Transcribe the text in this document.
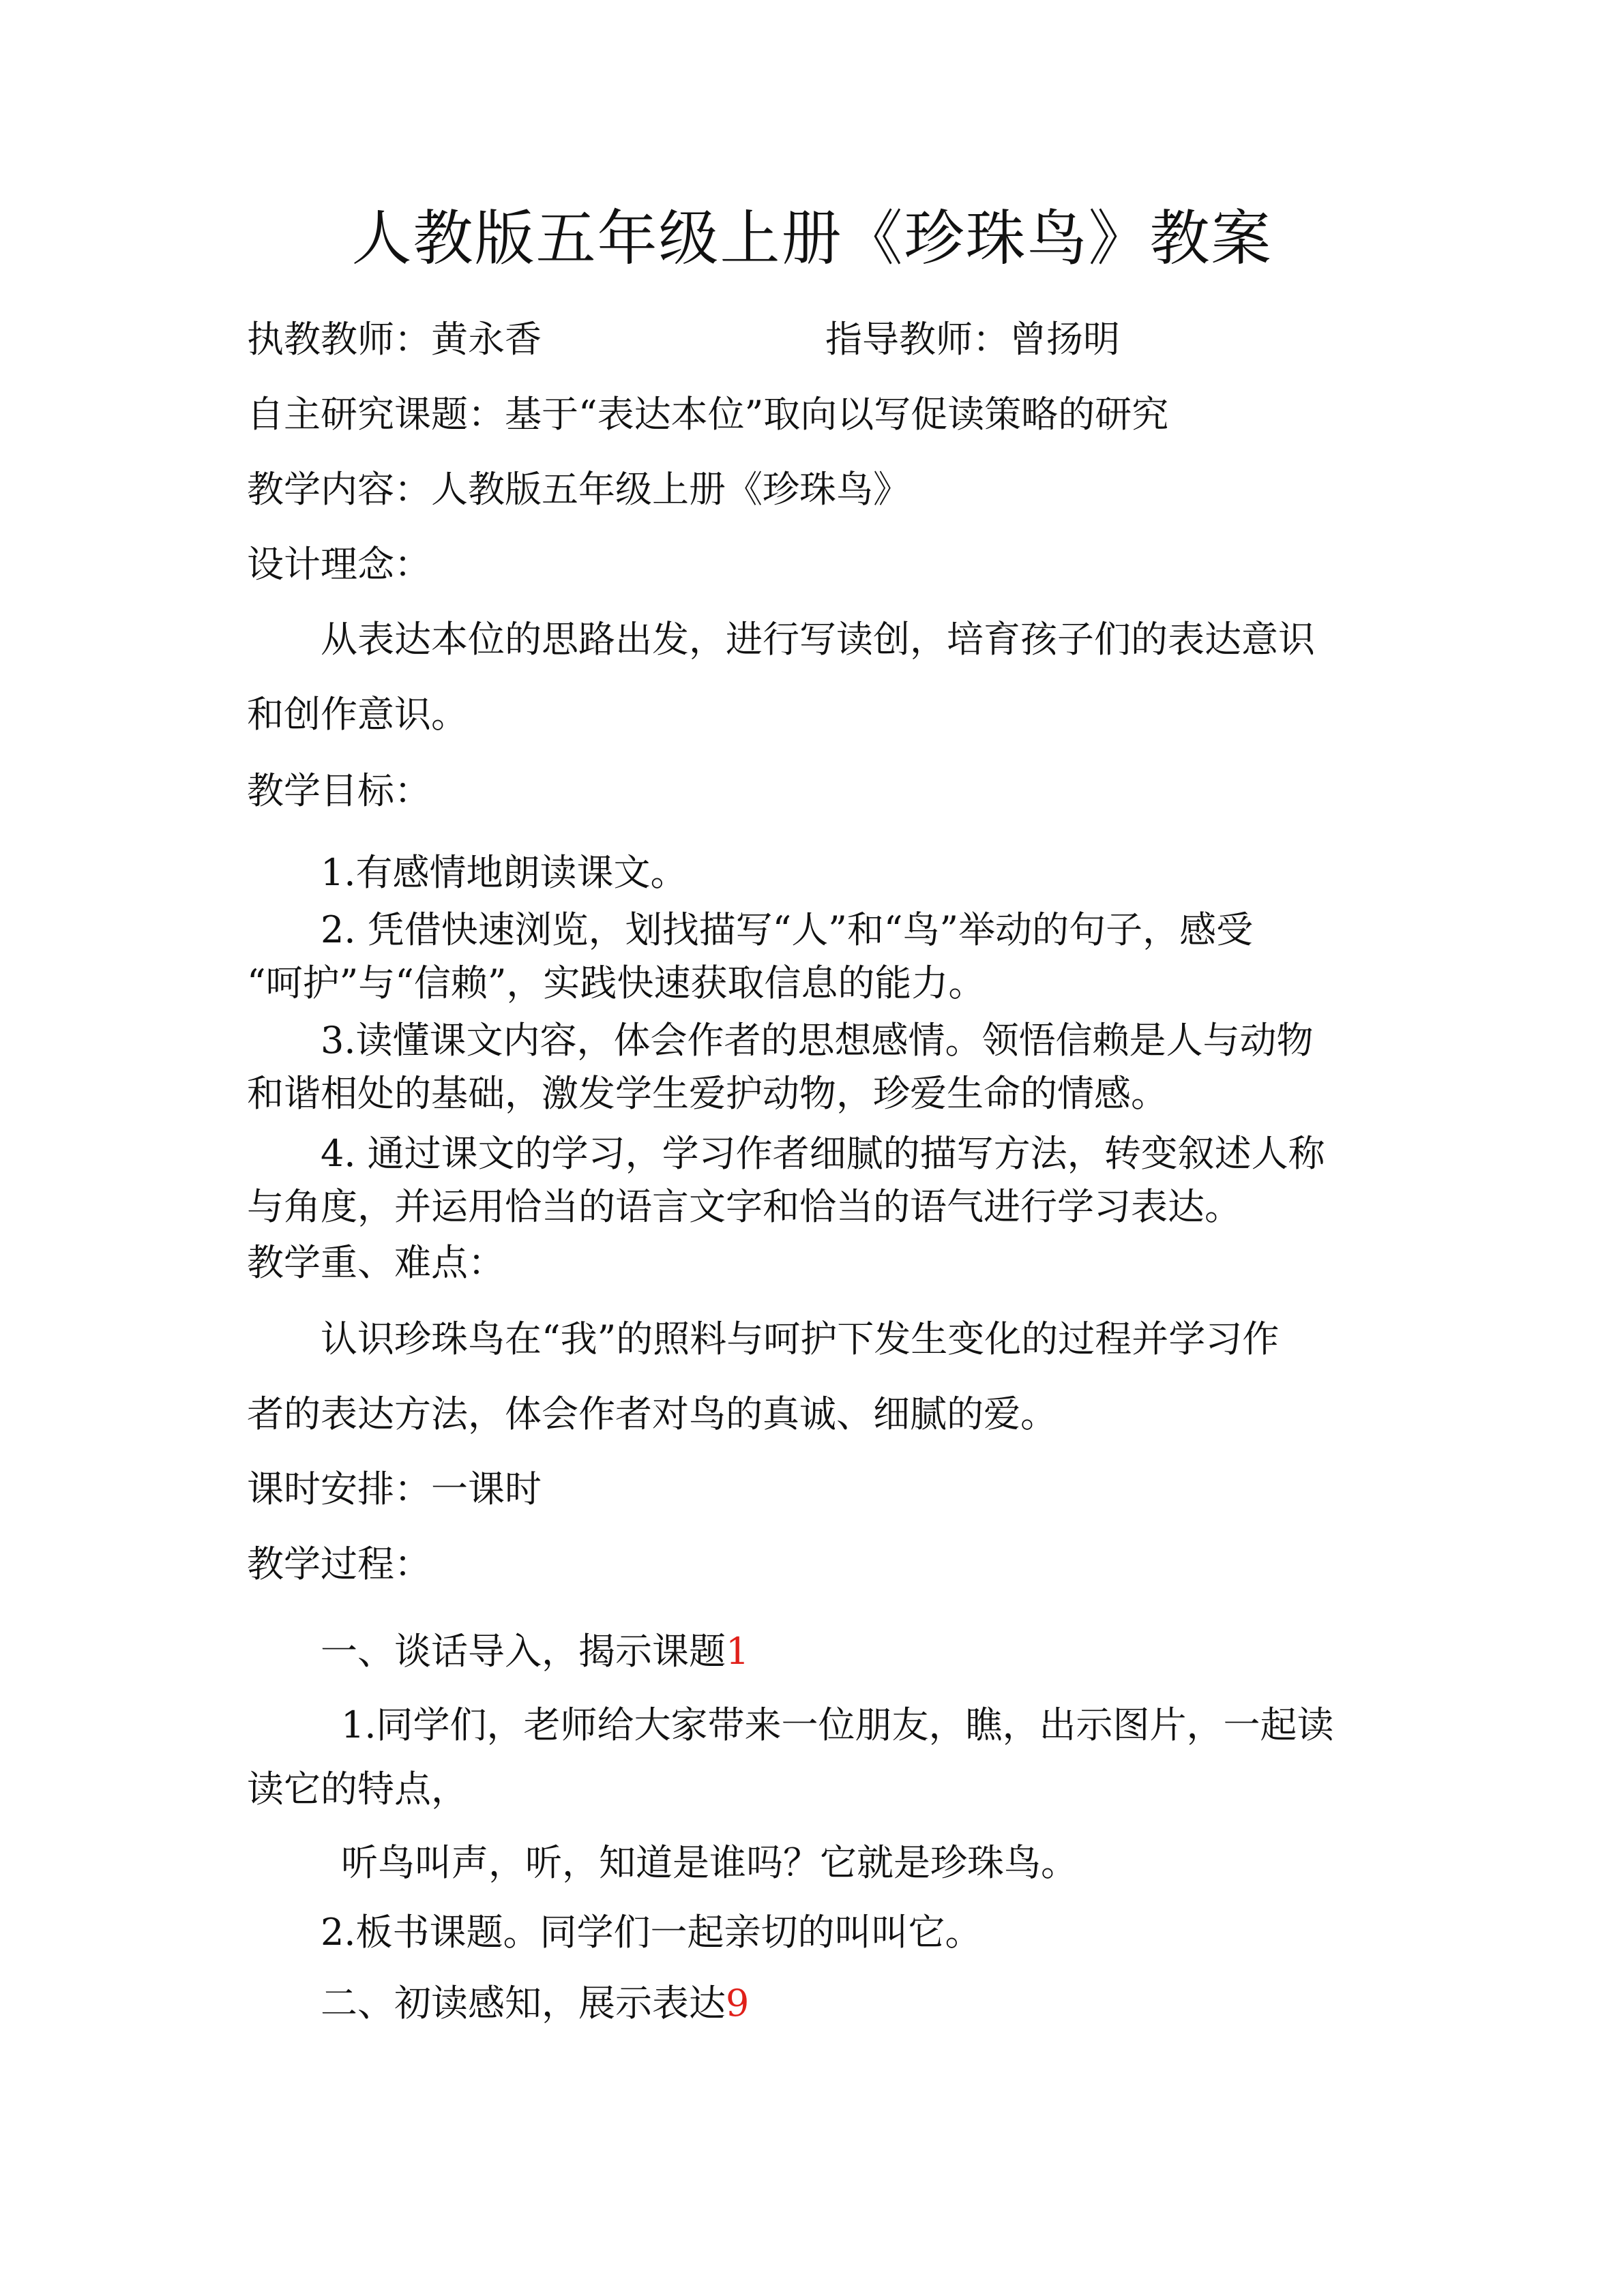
人教版五年级上册《珍珠鸟》教案
执教教师：黄永香	指导教师：曾扬明
自主研究课题：基于“表达本位”取向以写促读策略的研究
教学内容：人教版五年级上册《珍珠鸟》
设计理念：
从表达本位的思路出发，进行写读创，培育孩子们的表达意识
和创作意识。
教学目标：
1.有感情地朗读课文。
2. 凭借快速浏览，划找描写“人”和“鸟”举动的句子，感受
“呵护”与“信赖”，实践快速获取信息的能力。
3.读懂课文内容，体会作者的思想感情。领悟信赖是人与动物
和谐相处的基础，激发学生爱护动物，珍爱生命的情感。
4. 通过课文的学习，学习作者细腻的描写方法，转变叙述人称
与角度，并运用恰当的语言文字和恰当的语气进行学习表达。
教学重、难点：
认识珍珠鸟在“我”的照料与呵护下发生变化的过程并学习作
者的表达方法，体会作者对鸟的真诚、细腻的爱。
课时安排：一课时
教学过程：
一、谈话导入，揭示课题1
1.同学们，老师给大家带来一位朋友，瞧，出示图片，一起读
读它的特点，
听鸟叫声，听，知道是谁吗？它就是珍珠鸟。
2.板书课题。同学们一起亲切的叫叫它。
二、初读感知，展示表达9
